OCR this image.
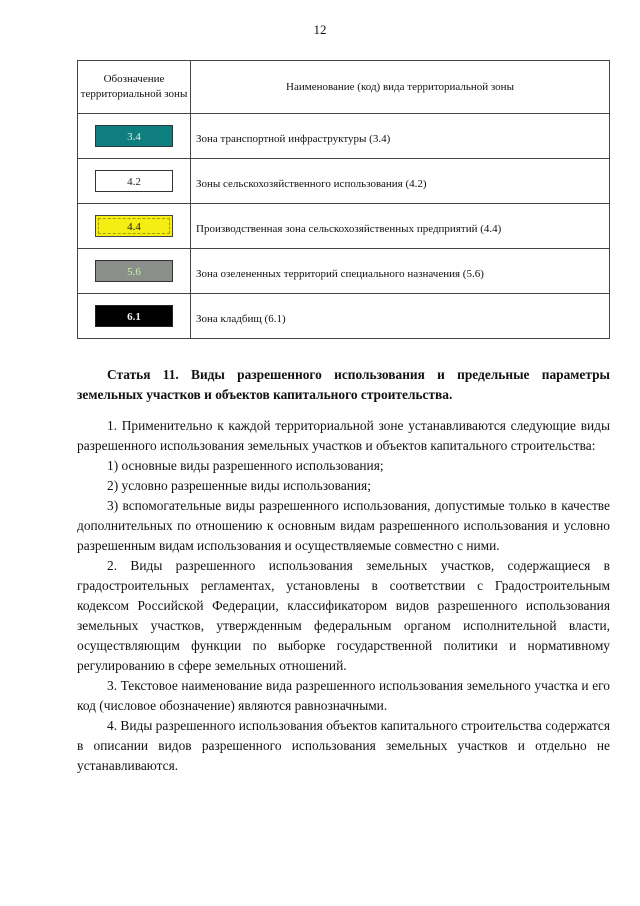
12
Обозначение территориальной зоны	Наименование (код) вида территориальной зоны
3.4	Зона транспортной инфраструктуры (3.4)
4.2	Зоны сельскохозяйственного использования (4.2)
4.4	Производственная зона сельскохозяйственных предприятий (4.4)
5.6	Зона озелененных территорий специального назначения (5.6)
6.1	Зона кладбищ (6.1)
Статья 11. Виды разрешенного использования и предельные параметры земельных участков и объектов капитального строительства.

1. Применительно к каждой территориальной зоне устанавливаются следующие виды разрешенного использования земельных участков и объектов капитального строительства:

1) основные виды разрешенного использования;

2) условно разрешенные виды использования;

3) вспомогательные виды разрешенного использования, допустимые только в качестве дополнительных по отношению к основным видам разрешенного использования и условно разрешенным видам использования и осуществляемые совместно с ними.

2. Виды разрешенного использования земельных участков, содержащиеся в градостроительных регламентах, установлены в соответствии с Градостроительным кодексом Российской Федерации, классификатором видов разрешенного использования земельных участков, утвержденным федеральным органом исполнительной власти, осуществляющим функции по выборке государственной политики и нормативному регулированию в сфере земельных отношений.

3. Текстовое наименование вида разрешенного использования земельного участка и его код (числовое обозначение) являются равнозначными.

4. Виды разрешенного использования объектов капитального строительства содержатся в описании видов разрешенного использования земельных участков и отдельно не устанавливаются.
